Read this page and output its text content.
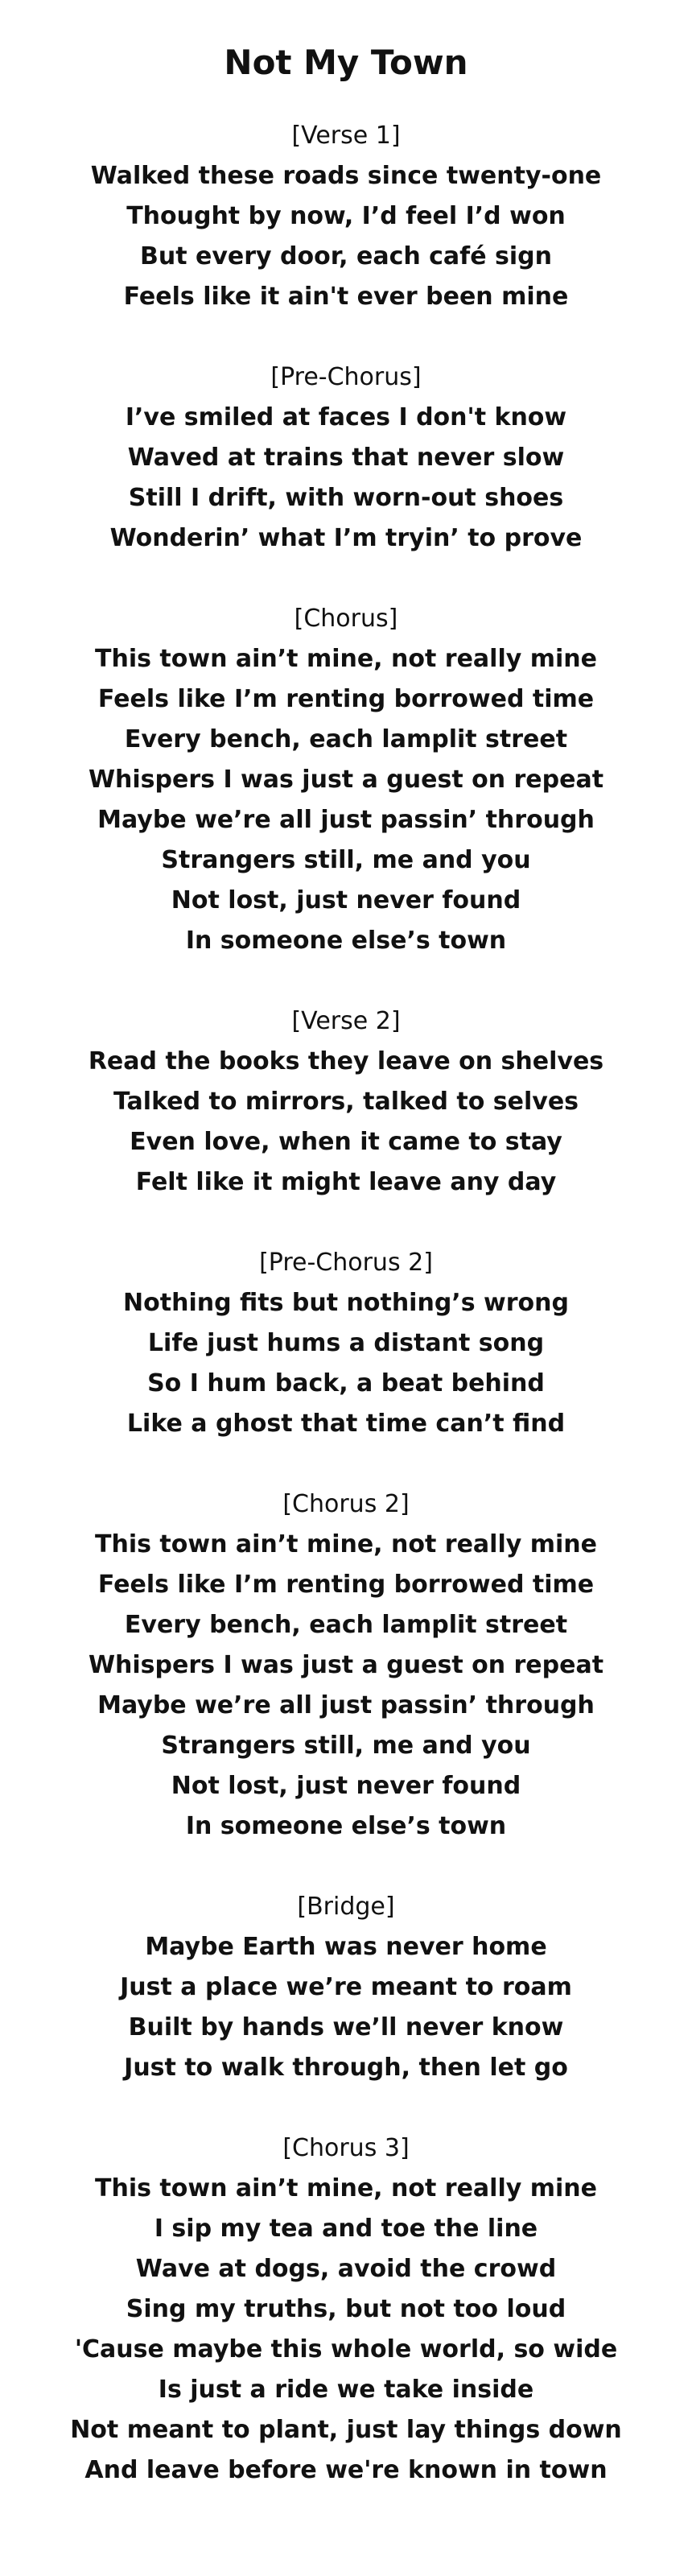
Not My Town
[Verse 1]
Walked these roads since twenty-one
Thought by now, I’d feel I’d won
But every door, each café sign
Feels like it ain't ever been mine
[Pre-Chorus]
I’ve smiled at faces I don't know
Waved at trains that never slow
Still I drift, with worn-out shoes
Wonderin’ what I’m tryin’ to prove
[Chorus]
This town ain’t mine, not really mine
Feels like I’m renting borrowed time
Every bench, each lamplit street
Whispers I was just a guest on repeat
Maybe we’re all just passin’ through
Strangers still, me and you
Not lost, just never found
In someone else’s town
[Verse 2]
Read the books they leave on shelves
Talked to mirrors, talked to selves
Even love, when it came to stay
Felt like it might leave any day
[Pre-Chorus 2]
Nothing fits but nothing’s wrong
Life just hums a distant song
So I hum back, a beat behind
Like a ghost that time can’t find
[Chorus 2]
This town ain’t mine, not really mine
Feels like I’m renting borrowed time
Every bench, each lamplit street
Whispers I was just a guest on repeat
Maybe we’re all just passin’ through
Strangers still, me and you
Not lost, just never found
In someone else’s town
[Bridge]
Maybe Earth was never home
Just a place we’re meant to roam
Built by hands we’ll never know
Just to walk through, then let go
[Chorus 3]
This town ain’t mine, not really mine
I sip my tea and toe the line
Wave at dogs, avoid the crowd
Sing my truths, but not too loud
'Cause maybe this whole world, so wide
Is just a ride we take inside
Not meant to plant, just lay things down
And leave before we're known in town
